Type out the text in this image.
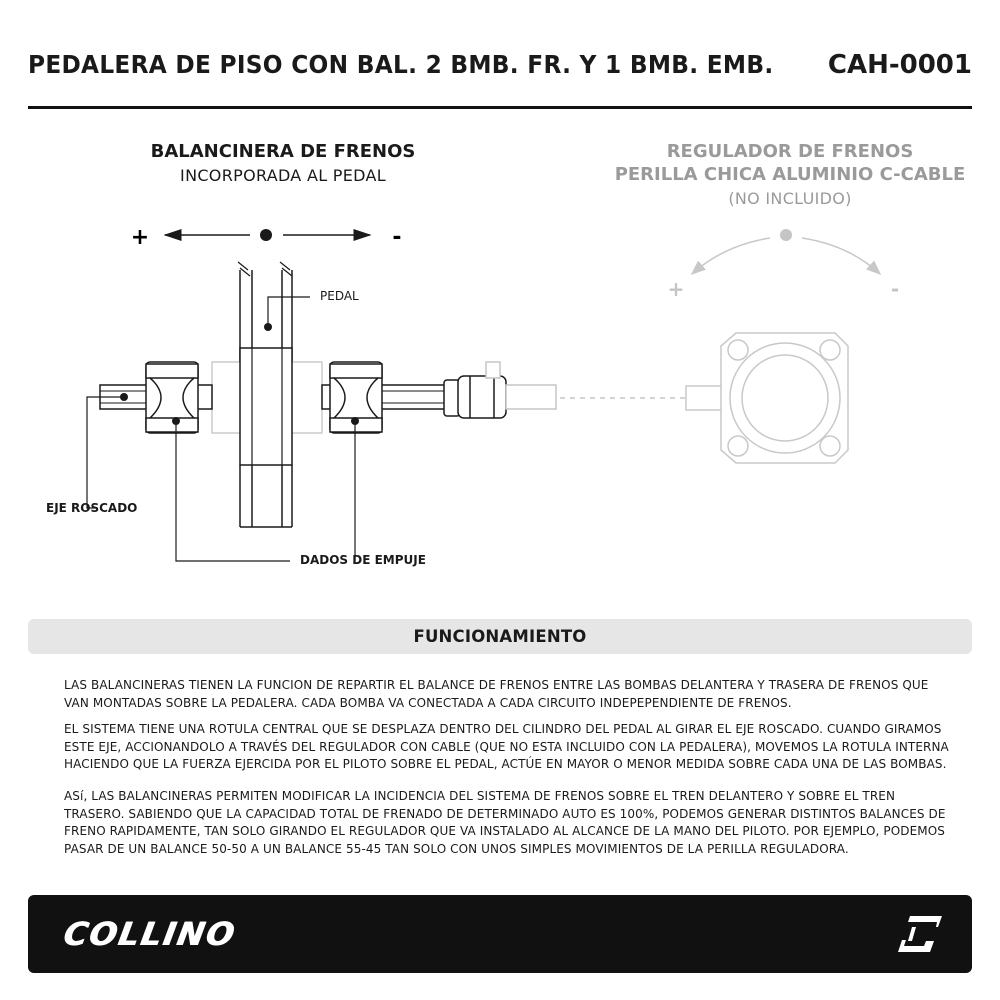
PEDALERA DE PISO CON BAL. 2 BMB. FR. Y 1 BMB. EMB. CAH-0001
BALANCINERA DE FRENOS
INCORPORADA AL PEDAL
REGULADOR DE FRENOS
PERILLA CHICA ALUMINIO C-CABLE
(NO INCLUIDO)
+	-
+	-
PEDAL
EJE ROSCADO
DADOS DE EMPUJE
FUNCIONAMIENTO

LAS BALANCINERAS TIENEN LA FUNCION DE REPARTIR EL BALANCE DE FRENOS ENTRE LAS BOMBAS DELANTERA Y TRASERA DE FRENOS QUE VAN MONTADAS SOBRE LA PEDALERA. CADA BOMBA VA CONECTADA A CADA CIRCUITO INDEPEPENDIENTE DE FRENOS.

EL SISTEMA TIENE UNA ROTULA CENTRAL QUE SE DESPLAZA DENTRO DEL CILINDRO DEL PEDAL AL GIRAR EL EJE ROSCADO. CUANDO GIRAMOS ESTE EJE, ACCIONANDOLO A TRAVÉS DEL REGULADOR CON CABLE (QUE NO ESTA INCLUIDO CON LA PEDALERA), MOVEMOS LA ROTULA INTERNA HACIENDO QUE LA FUERZA EJERCIDA POR EL PILOTO SOBRE EL PEDAL, ACTÚE EN MAYOR O MENOR MEDIDA SOBRE CADA UNA DE LAS BOMBAS.

ASí, LAS BALANCINERAS PERMITEN MODIFICAR LA INCIDENCIA DEL SISTEMA DE FRENOS SOBRE EL TREN DELANTERO Y SOBRE EL TREN TRASERO. SABIENDO QUE LA CAPACIDAD TOTAL DE FRENADO DE DETERMINADO AUTO ES 100%, PODEMOS GENERAR DISTINTOS BALANCES DE FRENO RAPIDAMENTE, TAN SOLO GIRANDO EL REGULADOR QUE VA INSTALADO AL ALCANCE DE LA MANO DEL PILOTO. POR EJEMPLO, PODEMOS PASAR DE UN BALANCE 50-50 A UN BALANCE 55-45 TAN SOLO CON UNOS SIMPLES MOVIMIENTOS DE LA PERILLA REGULADORA.

COLLINO
